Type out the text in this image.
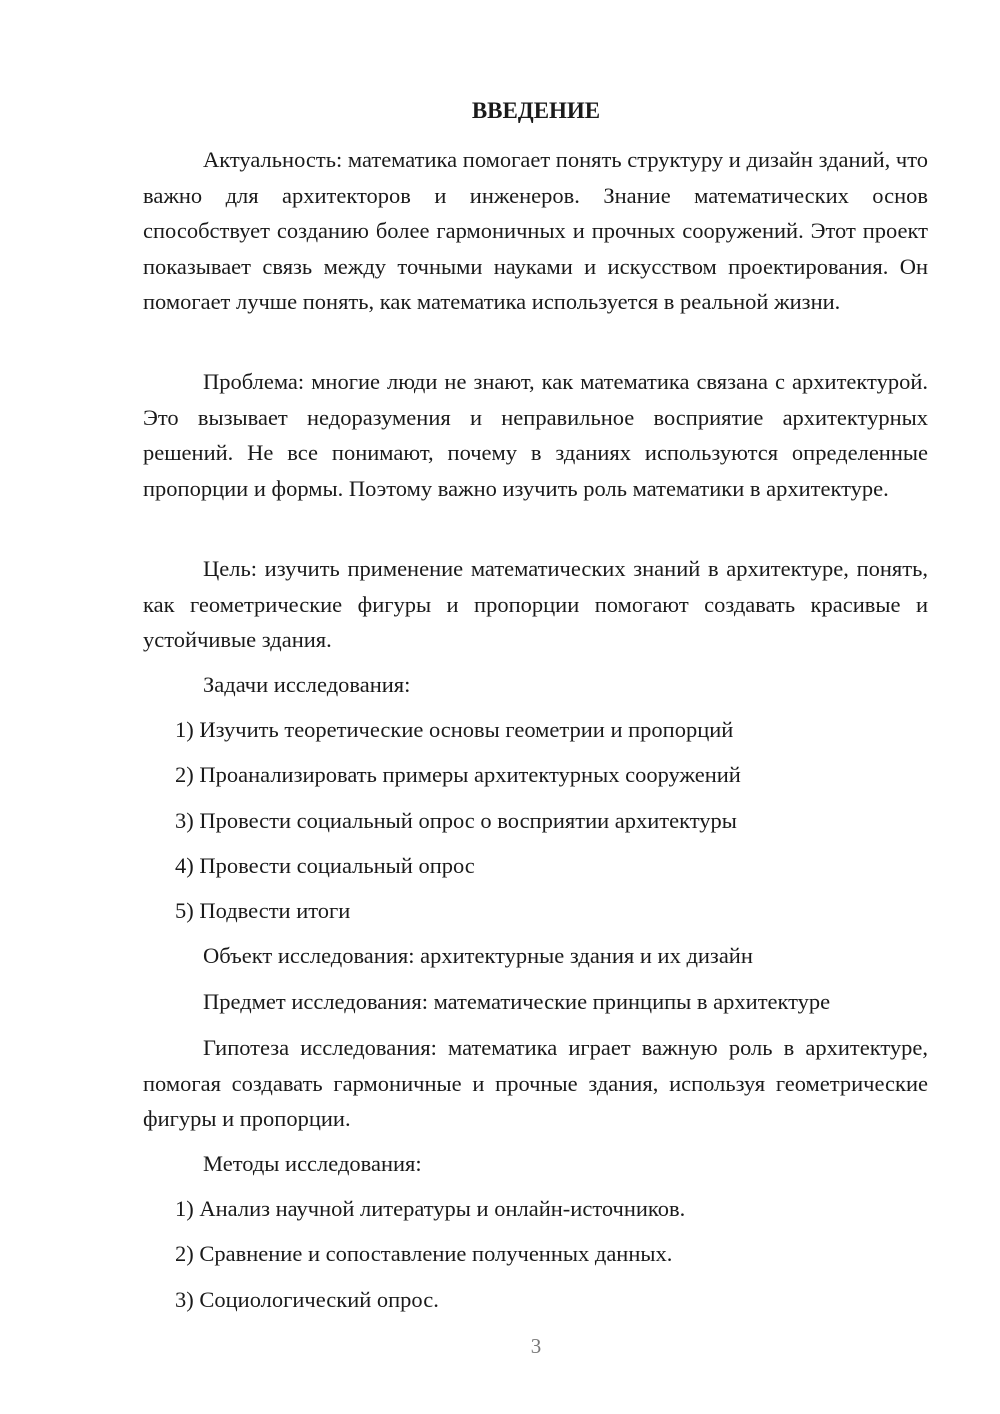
ВВЕДЕНИЕ

Актуальность: математика помогает понять структуру и дизайн зданий, что важно для архитекторов и инженеров. Знание математических основ способствует созданию более гармоничных и прочных сооружений. Этот проект показывает связь между точными науками и искусством проектирования. Он помогает лучше понять, как математика используется в реальной жизни.

Проблема: многие люди не знают, как математика связана с архитектурой. Это вызывает недоразумения и неправильное восприятие архитектурных решений. Не все понимают, почему в зданиях используются определенные пропорции и формы. Поэтому важно изучить роль математики в архитектуре.

Цель: изучить применение математических знаний в архитектуре, понять, как геометрические фигуры и пропорции помогают создавать красивые и устойчивые здания.

Задачи исследования:

1) Изучить теоретические основы геометрии и пропорций

2) Проанализировать примеры архитектурных сооружений

3) Провести социальный опрос о восприятии архитектуры

4) Провести социальный опрос

5) Подвести итоги

Объект исследования: архитектурные здания и их дизайн

Предмет исследования: математические принципы в архитектуре

Гипотеза исследования: математика играет важную роль в архитектуре, помогая создавать гармоничные и прочные здания, используя геометрические фигуры и пропорции.

Методы исследования:

1) Анализ научной литературы и онлайн-источников.

2) Сравнение и сопоставление полученных данных.

3) Социологический опрос.

3
